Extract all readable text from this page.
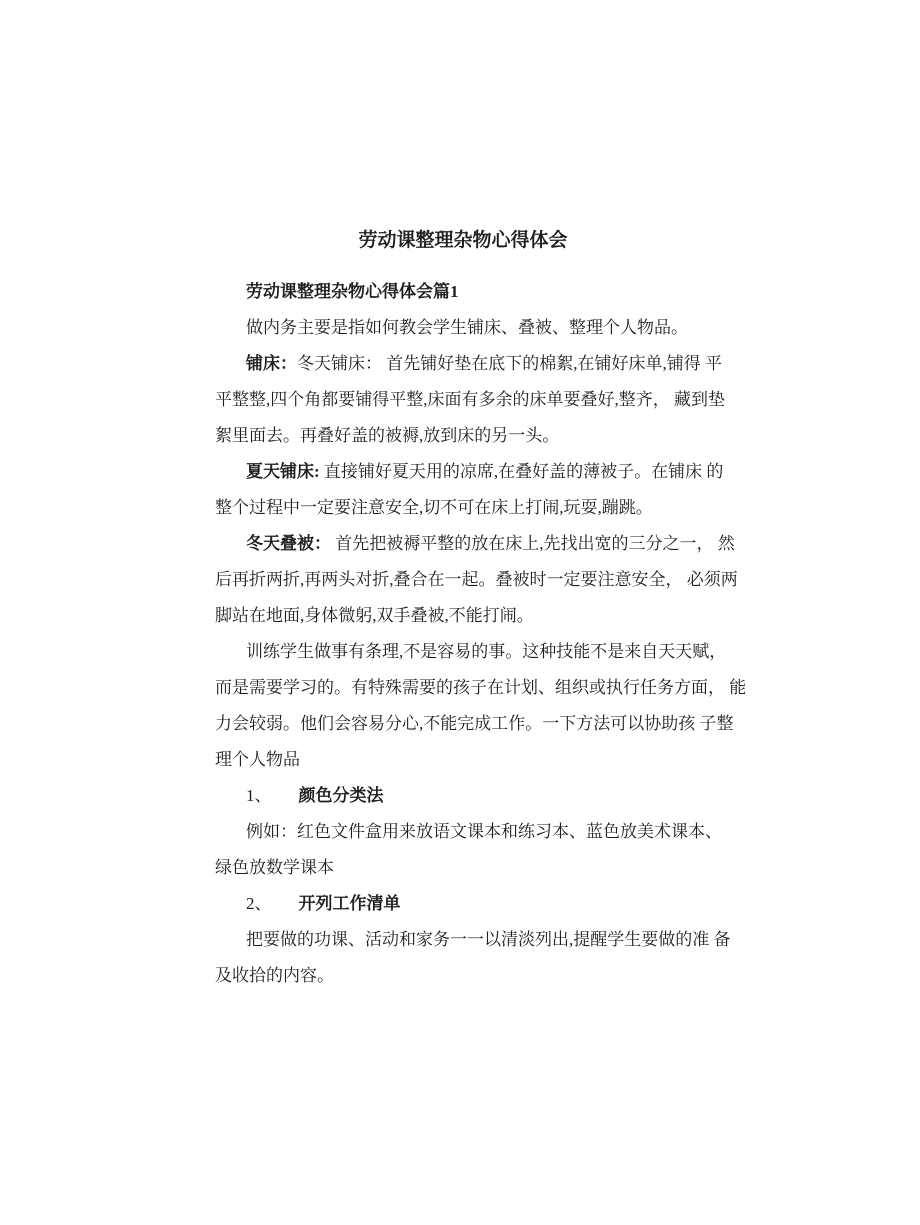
劳动课整理杂物心得体会
劳动课整理杂物心得体会篇1
做内务主要是指如何教会学生铺床、叠被、整理个人物品。
铺床：冬天铺床： 首先铺好垫在底下的棉絮,在铺好床单,铺得 平
平整整,四个角都要铺得平整,床面有多余的床单要叠好,整齐， 藏到垫
絮里面去。再叠好盖的被褥,放到床的另一头。
夏天铺床: 直接铺好夏天用的凉席,在叠好盖的薄被子。在铺床 的
整个过程中一定要注意安全,切不可在床上打闹,玩耍,蹦跳。
冬天叠被： 首先把被褥平整的放在床上,先找出宽的三分之一， 然
后再折两折,再两头对折,叠合在一起。叠被时一定要注意安全， 必须两
脚站在地面,身体微躬,双手叠被,不能打闹。
训练学生做事有条理,不是容易的事。这种技能不是来自天天赋，
而是需要学习的。有特殊需要的孩子在计划、组织或执行任务方面， 能
力会较弱。他们会容易分心,不能完成工作。一下方法可以协助孩 子整
理个人物品
1、 颜色分类法
例如：红色文件盒用来放语文课本和练习本、蓝色放美术课本、
绿色放数学课本
2、 开列工作清单
把要做的功课、活动和家务一一以清淡列出,提醒学生要做的准 备
及收拾的内容。
